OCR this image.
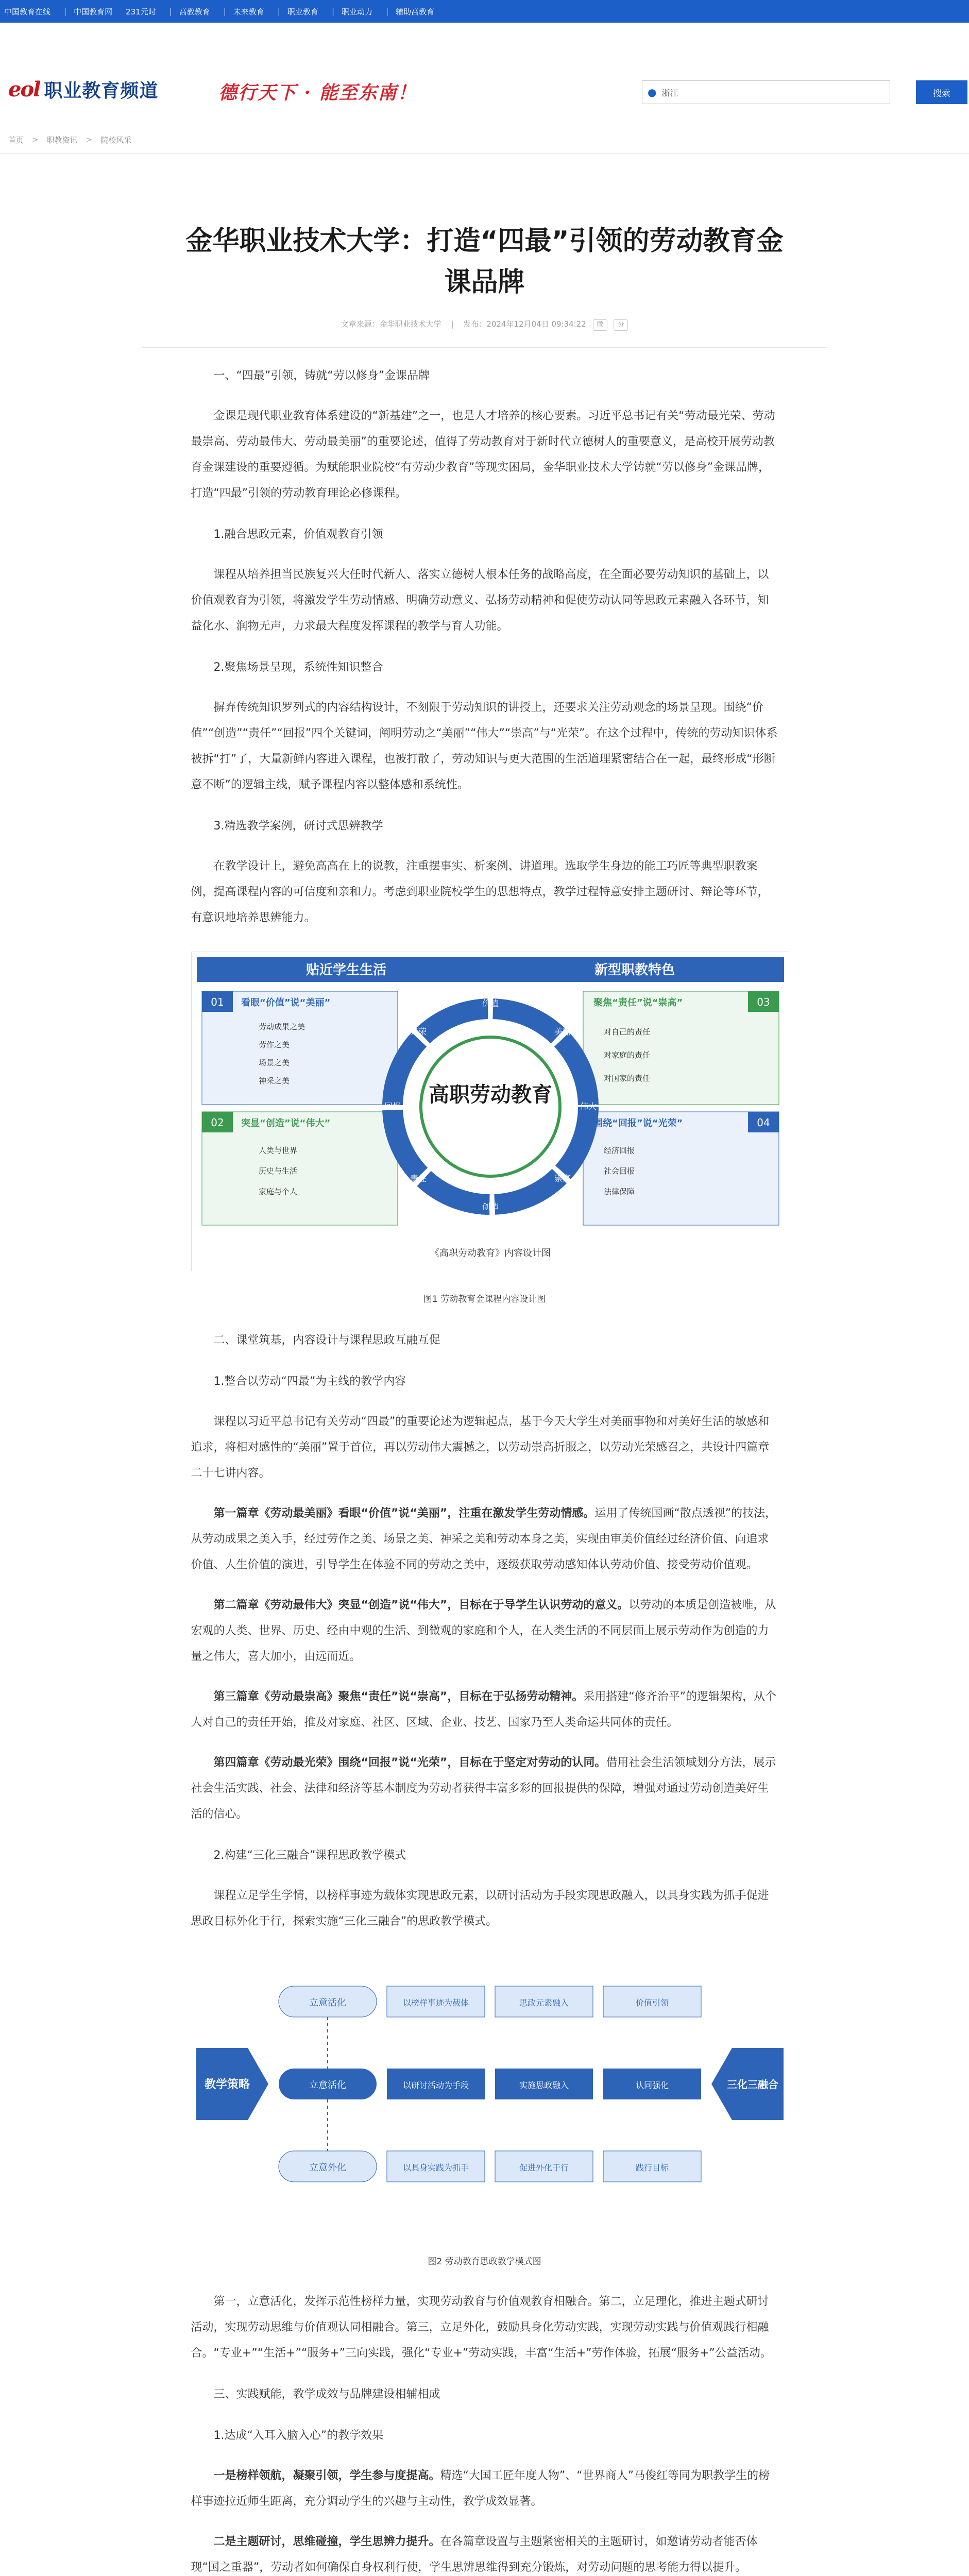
中国教育在线 | 中国教育网 231元时 | 高教教育 | 未来教育 | 职业教育 | 职业动力 | 辅助高教育
eol 职业教育频道	德行天下 · 能至东南！	● 浙江	搜索
首页 > 职教资讯 > 院校风采
金华职业技术大学：打造“四最”引领的劳动教育金课品牌
文章来源：金华职业技术大学 | 发布：2024年12月04日 09:34:22 微 分
一、“四最”引领，铸就“劳以修身”金课品牌
金课是现代职业教育体系建设的“新基建”之一，也是人才培养的核心要素。习近平总书记有关“劳动最光荣、劳动最崇高、劳动最伟大、劳动最美丽”的重要论述，值得了劳动教育对于新时代立德树人的重要意义，是高校开展劳动教育金课建设的重要遵循。为赋能职业院校“有劳动少教育”等现实困局，金华职业技术大学铸就“劳以修身”金课品牌，打造“四最”引领的劳动教育理论必修课程。
1.融合思政元素，价值观教育引领
课程从培养担当民族复兴大任时代新人、落实立德树人根本任务的战略高度，在全面必要劳动知识的基础上，以价值观教育为引领，将激发学生劳动情感、明确劳动意义、弘扬劳动精神和促使劳动认同等思政元素融入各环节，知益化水、润物无声，力求最大程度发挥课程的教学与育人功能。
2.聚焦场景呈现，系统性知识整合
摒弃传统知识罗列式的内容结构设计，不刻限于劳动知识的讲授上，还要求关注劳动观念的场景呈现。围绕“价值”“创造”“责任”“回报”四个关键词，阐明劳动之“美丽”“伟大”“崇高”与“光荣”。在这个过程中，传统的劳动知识体系被拆“打”了，大量新鲜内容进入课程，也被打散了，劳动知识与更大范围的生活道理紧密结合在一起，最终形成“形断意不断”的逻辑主线，赋予课程内容以整体感和系统性。
3.精选教学案例，研讨式思辨教学
在教学设计上，避免高高在上的说教，注重摆事实、析案例、讲道理。选取学生身边的能工巧匠等典型职教案例，提高课程内容的可信度和亲和力。考虑到职业院校学生的思想特点，教学过程特意安排主题研讨、辩论等环节，有意识地培养思辨能力。
贴近学生生活	新型职教特色
01 看眼“价值”说“美丽”
劳动成果之美
劳作之美
场景之美
神采之美
02 突显“创造”说“伟大”
人类与世界
历史与生活
家庭与个人
03
聚焦“责任”说“崇高”
对自己的责任
对家庭的责任
对国家的责任
04
围绕“回报”说“光荣”
经济回报
社会回报
法律保障
高职劳动教育
价值
美丽
伟大
崇高
创造
责任
回报
光荣
《高职劳动教育》内容设计图
图1 劳动教育金课程内容设计图
二、课堂筑基，内容设计与课程思政互融互促
1.整合以劳动“四最”为主线的教学内容
课程以习近平总书记有关劳动“四最”的重要论述为逻辑起点，基于今天大学生对美丽事物和对美好生活的敏感和追求，将相对感性的“美丽”置于首位，再以劳动伟大震撼之，以劳动崇高折服之，以劳动光荣感召之，共设计四篇章二十七讲内容。
第一篇章《劳动最美丽》看眼“价值”说“美丽”，注重在激发学生劳动情感。运用了传统国画“散点透视”的技法，从劳动成果之美入手，经过劳作之美、场景之美、神采之美和劳动本身之美，实现由审美价值经过经济价值、向追求价值、人生价值的演进，引导学生在体验不同的劳动之美中，逐级获取劳动感知体认劳动价值、接受劳动价值观。
第二篇章《劳动最伟大》突显“创造”说“伟大”，目标在于导学生认识劳动的意义。以劳动的本质是创造被唯，从宏观的人类、世界、历史、经由中观的生活、到微观的家庭和个人，在人类生活的不同层面上展示劳动作为创造的力量之伟大，喜大加小，由远而近。
第三篇章《劳动最崇高》聚焦“责任”说“崇高”，目标在于弘扬劳动精神。采用搭建“修齐治平”的逻辑架构，从个人对自己的责任开始，推及对家庭、社区、区域、企业、技艺、国家乃至人类命运共同体的责任。
第四篇章《劳动最光荣》围绕“回报”说“光荣”，目标在于坚定对劳动的认同。借用社会生活领域划分方法，展示社会生活实践、社会、法律和经济等基本制度为劳动者获得丰富多彩的回报提供的保障，增强对通过劳动创造美好生活的信心。
2.构建“三化三融合”课程思政教学模式
课程立足学生学情，以榜样事迹为载体实现思政元素，以研讨活动为手段实现思政融入，以具身实践为抓手促进思政目标外化于行，探索实施“三化三融合”的思政教学模式。
教学策略	三化三融合
立意活化	以榜样事迹为载体	思政元素融入	价值引领
立意活化	以研讨活动为手段	实施思政融入	认同强化
立意外化	以具身实践为抓手	促进外化于行	践行目标
图2 劳动教育思政教学模式图
第一，立意活化，发挥示范性榜样力量，实现劳动教育与价值观教育相融合。第二，立足理化，推进主题式研讨活动，实现劳动思维与价值观认同相融合。第三，立足外化，鼓励具身化劳动实践，实现劳动实践与价值观践行相融合。“专业+”“生活+”“服务+”三向实践，强化“专业+”劳动实践，丰富“生活+”劳作体验，拓展“服务+”公益活动。
三、实践赋能，教学成效与品牌建设相辅相成
1.达成“入耳入脑入心”的教学效果
一是榜样领航，凝聚引领，学生参与度提高。精选“大国工匠年度人物”、“世界商人”马俊红等同为职教学生的榜样事迹拉近师生距离，充分调动学生的兴趣与主动性，教学成效显著。
二是主题研讨，思维碰撞，学生思辨力提升。在各篇章设置与主题紧密相关的主题研讨，如邀请劳动者能否体现“国之重器”，劳动者如何确保自身权利行使，学生思辨思维得到充分锻炼，对劳动问题的思考能力得以提升。
